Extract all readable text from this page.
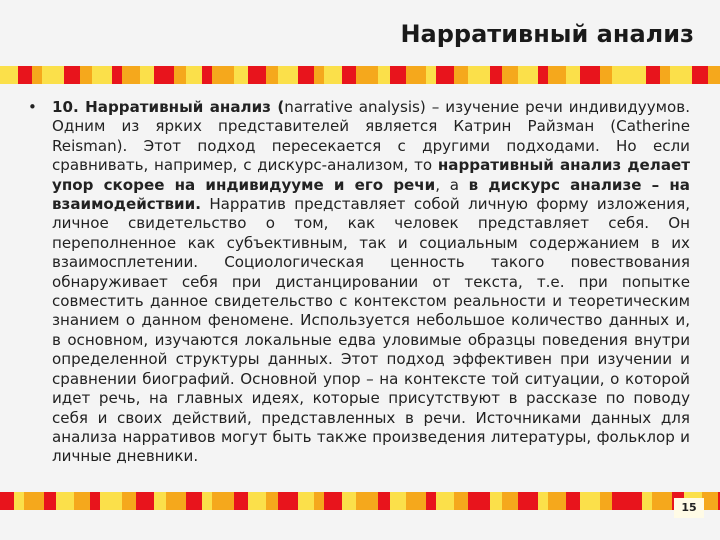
Нарративный анализ
• 10. Нарративный анализ (narrative analysis) – изучение речи индивидуумов. Одним из ярких представителей является Катрин Райзман (Catherine Reisman). Этот подход пересекается с другими подходами. Но если сравнивать, например, с дискурс-анализом, то нарративный анализ делает упор скорее на индивидууме и его речи, а в дискурс анализе – на взаимодействии. Нарратив представляет собой личную форму изложения, личное свидетельство о том, как человек представляет себя. Он переполненное как субъективным, так и социальным содержанием в их взаимосплетении. Социологическая ценность такого повествования обнаруживает себя при дистанцировании от текста, т.е. при попытке совместить данное свидетельство с контекстом реальности и теоретическим знанием о данном феномене. Используется небольшое количество данных и, в основном, изучаются локальные едва уловимые образцы поведения внутри определенной структуры данных. Этот подход эффективен при изучении и сравнении биографий. Основной упор – на контексте той ситуации, о которой идет речь, на главных идеях, которые присутствуют в рассказе по поводу себя и своих действий, представленных в речи. Источниками данных для анализа нарративов могут быть также произведения литературы, фольклор и личные дневники.

15
